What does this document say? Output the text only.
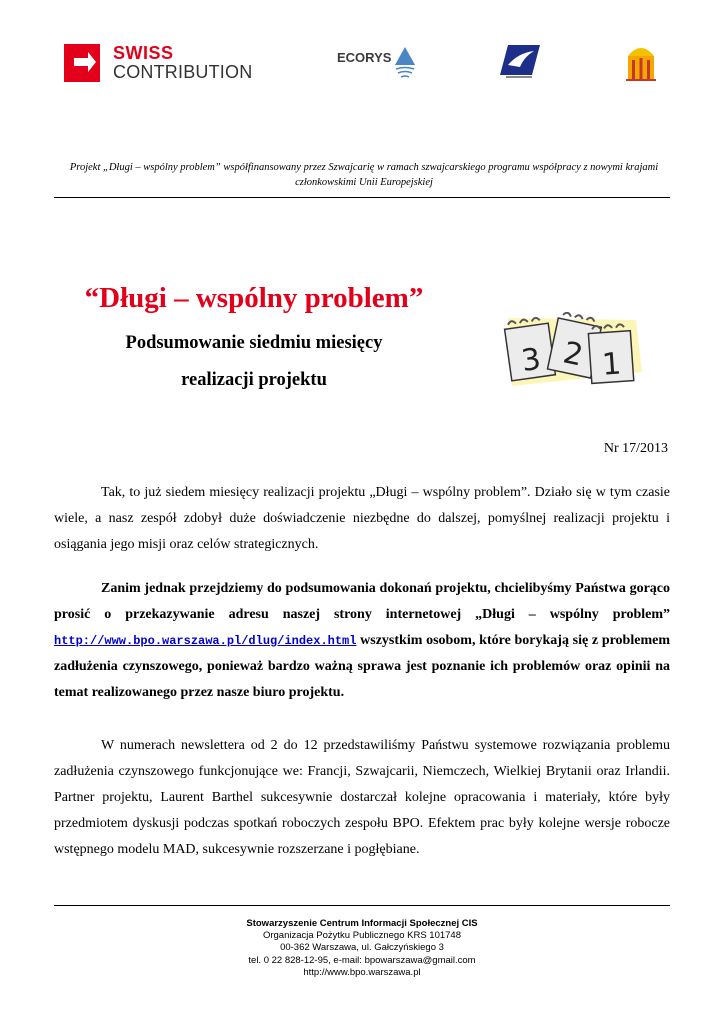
SWISS
CONTRIBUTION
ECORYS
Projekt „Długi – wspólny problem” współfinansowany przez Szwajcarię w ramach szwajcarskiego programu współpracy z nowymi krajami członkowskimi Unii Europejskiej
“Długi – wspólny problem”
Podsumowanie siedmiu miesięcy
realizacji projektu
3 2 1
Nr 17/2013
Tak, to już siedem miesięcy realizacji projektu „Długi – wspólny problem”. Działo się w tym czasie wiele, a nasz zespół zdobył duże doświadczenie niezbędne do dalszej, pomyślnej realizacji projektu i osiągania jego misji oraz celów strategicznych.
Zanim jednak przejdziemy do podsumowania dokonań projektu, chcielibyśmy Państwa gorąco prosić o przekazywanie adresu naszej strony internetowej „Długi – wspólny problem” http://www.bpo.warszawa.pl/dlug/index.html wszystkim osobom, które borykają się z problemem zadłużenia czynszowego, ponieważ bardzo ważną sprawa jest poznanie ich problemów oraz opinii na temat realizowanego przez nasze biuro projektu.
W numerach newslettera od 2 do 12 przedstawiliśmy Państwu systemowe rozwiązania problemu zadłużenia czynszowego funkcjonujące we: Francji, Szwajcarii, Niemczech, Wielkiej Brytanii oraz Irlandii. Partner projektu, Laurent Barthel sukcesywnie dostarczał kolejne opracowania i materiały, które były przedmiotem dyskusji podczas spotkań roboczych zespołu BPO. Efektem prac były kolejne wersje robocze wstępnego modelu MAD, sukcesywnie rozszerzane i pogłębiane.
Stowarzyszenie Centrum Informacji Społecznej CIS
Organizacja Pożytku Publicznego KRS 101748
00-362 Warszawa, ul. Gałczyńskiego 3
tel. 0 22 828-12-95, e-mail: bpowarszawa@gmail.com
http://www.bpo.warszawa.pl
